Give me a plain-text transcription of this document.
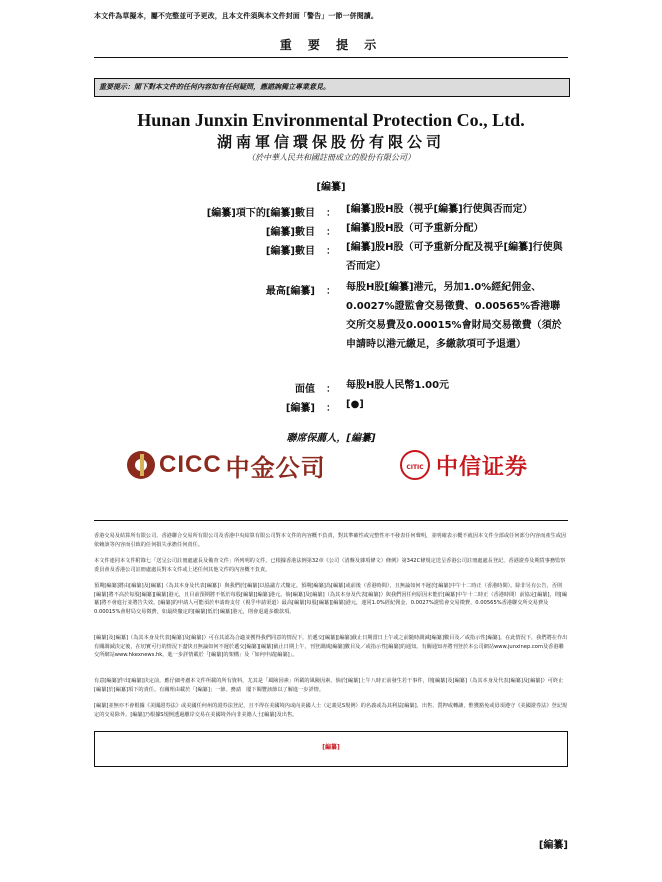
本文件為草擬本，屬不完整並可予更改，且本文件須與本文件封面「警告」一節一併閱讀。
重 要 提 示
重要提示：閣下對本文件的任何內容如有任何疑問，應諮詢獨立專業意見。
Hunan Junxin Environmental Protection Co., Ltd.
湖南軍信環保股份有限公司
（於中華人民共和國註冊成立的股份有限公司）
[編纂]
[編纂]項下的[編纂]數目 ： [編纂]股H股（視乎[編纂]行使與否而定）
[編纂]數目 ： [編纂]股H股（可予重新分配）
[編纂]數目 ： [編纂]股H股（可予重新分配及視乎[編纂]行使與否而定）
最高[編纂] ： 每股H股[編纂]港元，另加1.0%經紀佣金、0.0027%證監會交易徵費、0.00565%香港聯交所交易費及0.00015%會財局交易徵費（須於申請時以港元繳足，多繳款項可予退還）
面值 ： 每股H股人民幣1.00元
[編纂] ： [●]
聯席保薦人，[編纂]
CICC 中金公司	CITIC 中信证券
香港交易及結算所有限公司、香港聯合交易所有限公司及香港中央結算有限公司對本文件的內容概不負責，對其準確性或完整性亦不發表任何聲明，並明確表示概不就因本文件全部或任何部分內容而產生或因依賴該等內容而引致的任何損失承擔任何責任。
本文件連同本文件附錄七「送呈公司註冊處處長及備查文件」所列明的文件，已根據香港法例第32章《公司（清盤及雜項條文）條例》第342C條規定送呈香港公司註冊處處長登記。香港證券及期貨事務監察委員會及香港公司註冊處處長對本文件或上述任何其他文件的內容概不負責。
預期[編纂]將由[編纂]及[編纂]（為其本身及代表[編纂]）與我們於[編纂]以協議方式釐定。預期[編纂]為[編纂]或前後（香港時間），且無論如何不遲於[編纂]中午十二時正（香港時間）。除非另有公告，否則[編纂]將不高於每股[編纂][編纂]港元，且目前預期將不低於每股[編纂][編纂]港元。倘[編纂]及[編纂]（為其本身及代表[編纂]）與我們因任何原因未能於[編纂]中午十二時正（香港時間）前協定[編纂]，則[編纂]將不會進行並將告失效。[編纂]的申請人可能須於申請時支付（視乎申請渠道）最高[編纂]每股[編纂][編纂]港元，連同1.0%經紀佣金、0.0027%證監會交易徵費、0.00565%香港聯交所交易費及0.00015%會財局交易徵費，如最終釐定的[編纂]低於[編纂]港元，則會退還多繳款項。
[編纂]及[編纂]（為其本身及代表[編纂]及[編纂]）可在其認為合適並獲得我們同意的情況下，於遞交[編纂][編纂]截止日期當日上午或之前隨時調減[編纂]數目及／或指示性[編纂]。在此情況下，我們將在作出有關調減決定後，在切實可行的情況下盡快且無論如何不遲於遞交[編纂][編纂]截止日期上午，刊登調減[編纂]數目及／或指示性[編纂]的通知。有關通知亦將刊登於本公司網站www.junxinep.com及香港聯交所網站www.hkexnews.hk。進一步詳情載於「[編纂]的架構」及「如何申請[編纂]」。
有意[編纂]作出[編纂]決定前，應仔細考慮本文件所載的所有資料，尤其是「風險因素」所載的風險因素。倘於[編纂]上午八時正前發生若干事件，則[編纂]及[編纂]（為其本身及代表[編纂]及[編纂]）可終止[編纂]於[編纂]項下的責任。有關理由載於「[編纂]」一節。務請　閣下閱覽該節以了解進一步詳情。
[編纂]並無亦不會根據《美國證券法》或美國任何州的證券法登記，且不得在美國境內或向美國人士（定義見S規例）的名義或為其利益[編纂]、出售、質押或轉讓，惟獲豁免或毋須遵守《美國證券法》登記規定的交易除外。[編纂]乃根據S規例透過離岸交易在美國境外向非美籍人士[編纂]及出售。
[編纂]
[編纂]
